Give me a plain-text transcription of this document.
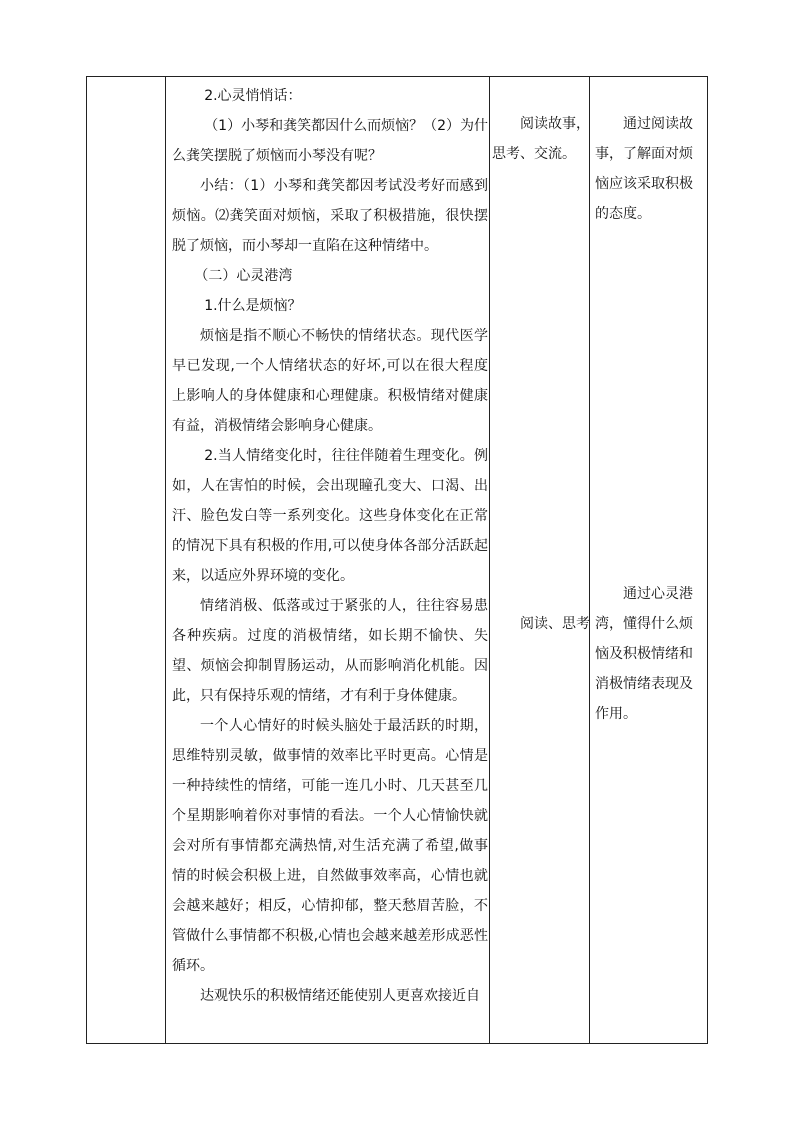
2.心灵悄悄话：

（1）小琴和龚笑都因什么而烦恼？（2）为什么龚笑摆脱了烦恼而小琴没有呢？

小结：（1）小琴和龚笑都因考试没考好而感到烦恼。⑵龚笑面对烦恼，采取了积极措施，很快摆脱了烦恼，而小琴却一直陷在这种情绪中。

（二）心灵港湾

1.什么是烦恼？

烦恼是指不顺心不畅快的情绪状态。现代医学早已发现,一个人情绪状态的好坏,可以在很大程度上影响人的身体健康和心理健康。积极情绪对健康有益，消极情绪会影响身心健康。

2.当人情绪变化时，往往伴随着生理变化。例如，人在害怕的时候，会出现瞳孔变大、口渴、出汗、脸色发白等一系列变化。这些身体变化在正常的情况下具有积极的作用,可以使身体各部分活跃起来，以适应外界环境的变化。

情绪消极、低落或过于紧张的人，往往容易患各种疾病。过度的消极情绪，如长期不愉快、失望、烦恼会抑制胃肠运动，从而影响消化机能。因此，只有保持乐观的情绪，才有利于身体健康。

一个人心情好的时候头脑处于最活跃的时期，思维特别灵敏，做事情的效率比平时更高。心情是一种持续性的情绪，可能一连几小时、几天甚至几个星期影响着你对事情的看法。一个人心情愉快就会对所有事情都充满热情,对生活充满了希望,做事情的时候会积极上进，自然做事效率高，心情也就会越来越好；相反，心情抑郁，整天愁眉苦脸，不管做什么事情都不积极,心情也会越来越差形成恶性循环。

达观快乐的积极情绪还能使别人更喜欢接近自

阅读故事，思考、交流。

阅读、思考

通过阅读故事，了解面对烦恼应该采取积极的态度。

通过心灵港湾，懂得什么烦恼及积极情绪和消极情绪表现及作用。
